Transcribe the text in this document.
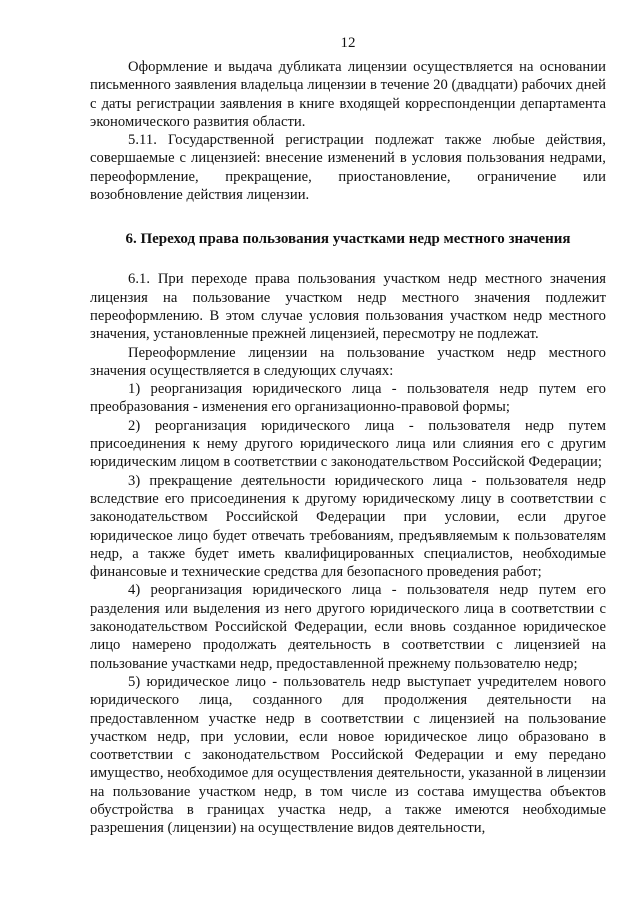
12

Оформление и выдача дубликата лицензии осуществляется на основании письменного заявления владельца лицензии в течение 20 (двадцати) рабочих дней с даты регистрации заявления в книге входящей корреспонденции департамента экономического развития области.

5.11. Государственной регистрации подлежат также любые действия, совершаемые с лицензией: внесение изменений в условия пользования недрами, переоформление, прекращение, приостановление, ограничение или возобновление действия лицензии.

6. Переход права пользования участками недр местного значения

6.1. При переходе права пользования участком недр местного значения лицензия на пользование участком недр местного значения подлежит переоформлению. В этом случае условия пользования участком недр местного значения, установленные прежней лицензией, пересмотру не подлежат.

Переоформление лицензии на пользование участком недр местного значения осуществляется в следующих случаях:

1) реорганизация юридического лица - пользователя недр путем его преобразования - изменения его организационно-правовой формы;

2) реорганизация юридического лица - пользователя недр путем присоединения к нему другого юридического лица или слияния его с другим юридическим лицом в соответствии с законодательством Российской Федерации;

3) прекращение деятельности юридического лица - пользователя недр вследствие его присоединения к другому юридическому лицу в соответствии с законодательством Российской Федерации при условии, если другое юридическое лицо будет отвечать требованиям, предъявляемым к пользователям недр, а также будет иметь квалифицированных специалистов, необходимые финансовые и технические средства для безопасного проведения работ;

4) реорганизация юридического лица - пользователя недр путем его разделения или выделения из него другого юридического лица в соответствии с законодательством Российской Федерации, если вновь созданное юридическое лицо намерено продолжать деятельность в соответствии с лицензией на пользование участками недр, предоставленной прежнему пользователю недр;

5) юридическое лицо - пользователь недр выступает учредителем нового юридического лица, созданного для продолжения деятельности на предоставленном участке недр в соответствии с лицензией на пользование участком недр, при условии, если новое юридическое лицо образовано в соответствии с законодательством Российской Федерации и ему передано имущество, необходимое для осуществления деятельности, указанной в лицензии на пользование участком недр, в том числе из состава имущества объектов обустройства в границах участка недр, а также имеются необходимые разрешения (лицензии) на осуществление видов деятельности,
